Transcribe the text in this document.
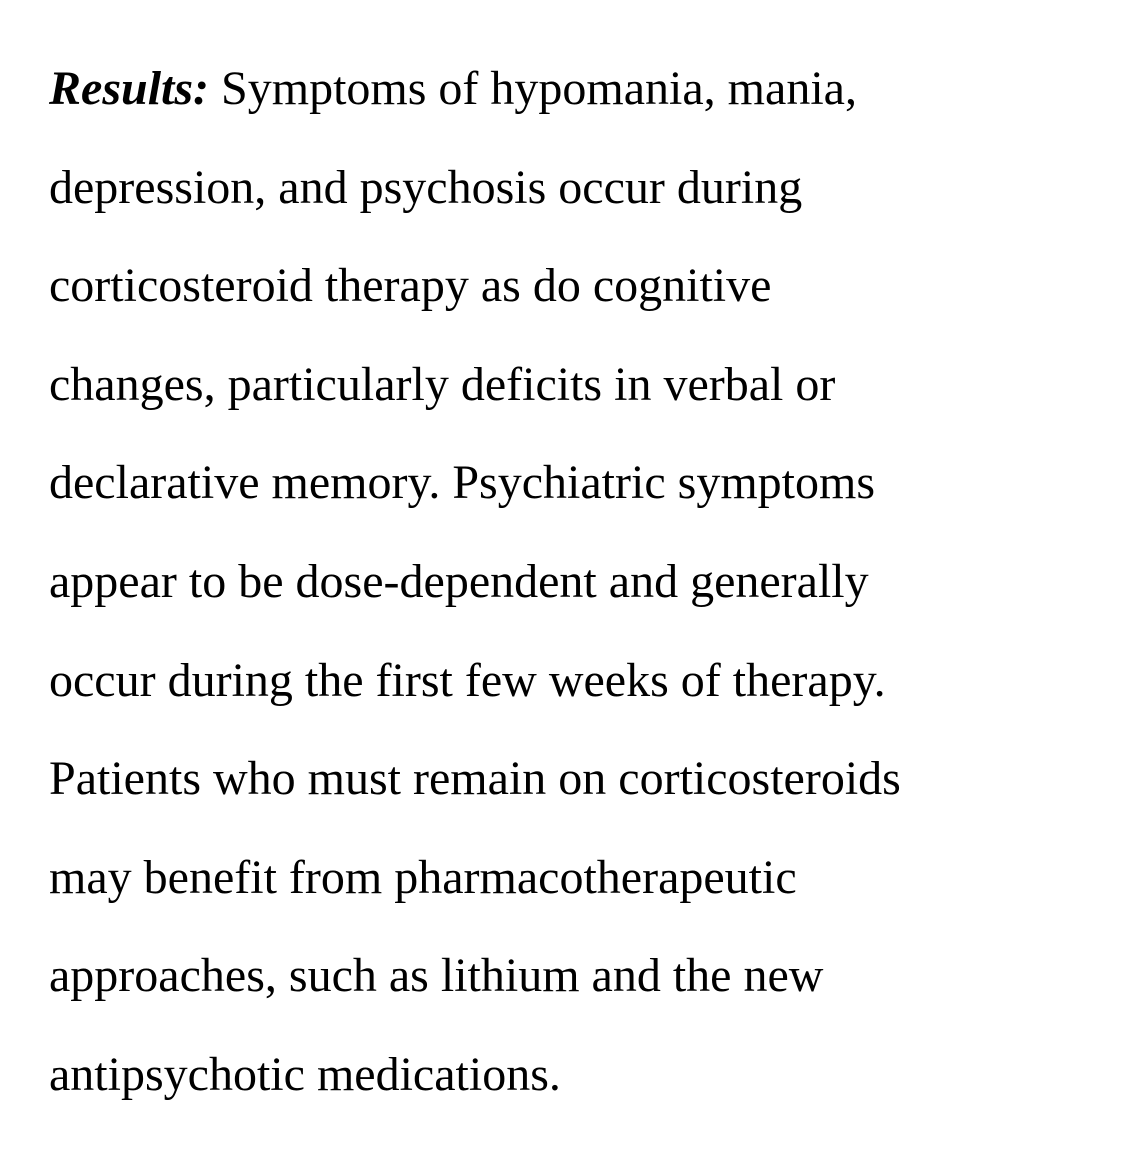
Results: Symptoms of hypomania, mania,
depression, and psychosis occur during
corticosteroid therapy as do cognitive
changes, particularly deficits in verbal or
declarative memory. Psychiatric symptoms
appear to be dose-dependent and generally
occur during the first few weeks of therapy.
Patients who must remain on corticosteroids
may benefit from pharmacotherapeutic
approaches, such as lithium and the new
antipsychotic medications.
